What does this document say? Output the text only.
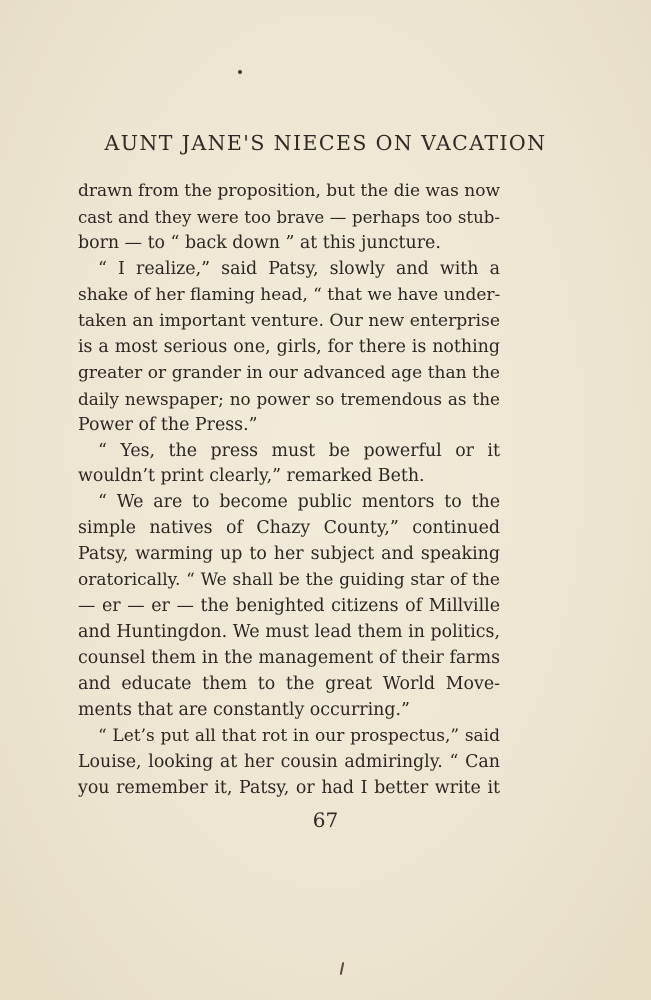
AUNT JANE'S NIECES ON VACATION
drawn from the proposition, but the die was now
cast and they were too brave — perhaps too stub-
born — to “ back down ” at this juncture.
“ I realize,” said Patsy, slowly and with a
shake of her flaming head, “ that we have under-
taken an important venture. Our new enterprise
is a most serious one, girls, for there is nothing
greater or grander in our advanced age than the
daily newspaper; no power so tremendous as the
Power of the Press.”
“ Yes, the press must be powerful or it
wouldn’t print clearly,” remarked Beth.
“ We are to become public mentors to the
simple natives of Chazy County,” continued
Patsy, warming up to her subject and speaking
oratorically. “ We shall be the guiding star of the
— er — er — the benighted citizens of Millville
and Huntingdon. We must lead them in politics,
counsel them in the management of their farms
and educate them to the great World Move-
ments that are constantly occurring.”
“ Let’s put all that rot in our prospectus,” said
Louise, looking at her cousin admiringly. “ Can
you remember it, Patsy, or had I better write it
67
